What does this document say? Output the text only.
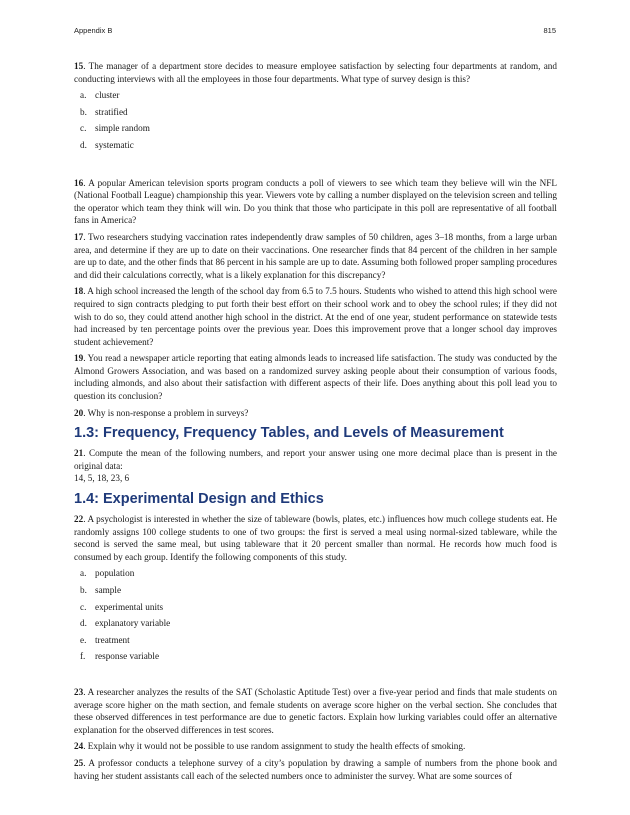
Appendix B	815

15. The manager of a department store decides to measure employee satisfaction by selecting four departments at random, and conducting interviews with all the employees in those four departments. What type of survey design is this?

a. cluster
b. stratified
c. simple random
d. systematic

16. A popular American television sports program conducts a poll of viewers to see which team they believe will win the NFL (National Football League) championship this year. Viewers vote by calling a number displayed on the television screen and telling the operator which team they think will win. Do you think that those who participate in this poll are representative of all football fans in America?

17. Two researchers studying vaccination rates independently draw samples of 50 children, ages 3–18 months, from a large urban area, and determine if they are up to date on their vaccinations. One researcher finds that 84 percent of the children in her sample are up to date, and the other finds that 86 percent in his sample are up to date. Assuming both followed proper sampling procedures and did their calculations correctly, what is a likely explanation for this discrepancy?

18. A high school increased the length of the school day from 6.5 to 7.5 hours. Students who wished to attend this high school were required to sign contracts pledging to put forth their best effort on their school work and to obey the school rules; if they did not wish to do so, they could attend another high school in the district. At the end of one year, student performance on statewide tests had increased by ten percentage points over the previous year. Does this improvement prove that a longer school day improves student achievement?

19. You read a newspaper article reporting that eating almonds leads to increased life satisfaction. The study was conducted by the Almond Growers Association, and was based on a randomized survey asking people about their consumption of various foods, including almonds, and also about their satisfaction with different aspects of their life. Does anything about this poll lead you to question its conclusion?

20. Why is non-response a problem in surveys?

1.3: Frequency, Frequency Tables, and Levels of Measurement

21. Compute the mean of the following numbers, and report your answer using one more decimal place than is present in the original data:
14, 5, 18, 23, 6

1.4: Experimental Design and Ethics

22. A psychologist is interested in whether the size of tableware (bowls, plates, etc.) influences how much college students eat. He randomly assigns 100 college students to one of two groups: the first is served a meal using normal-sized tableware, while the second is served the same meal, but using tableware that it 20 percent smaller than normal. He records how much food is consumed by each group. Identify the following components of this study.

a. population
b. sample
c. experimental units
d. explanatory variable
e. treatment
f.	response variable

23. A researcher analyzes the results of the SAT (Scholastic Aptitude Test) over a five-year period and finds that male students on average score higher on the math section, and female students on average score higher on the verbal section. She concludes that these observed differences in test performance are due to genetic factors. Explain how lurking variables could offer an alternative explanation for the observed differences in test scores.

24. Explain why it would not be possible to use random assignment to study the health effects of smoking.

25. A professor conducts a telephone survey of a city’s population by drawing a sample of numbers from the phone book and having her student assistants call each of the selected numbers once to administer the survey. What are some sources of
